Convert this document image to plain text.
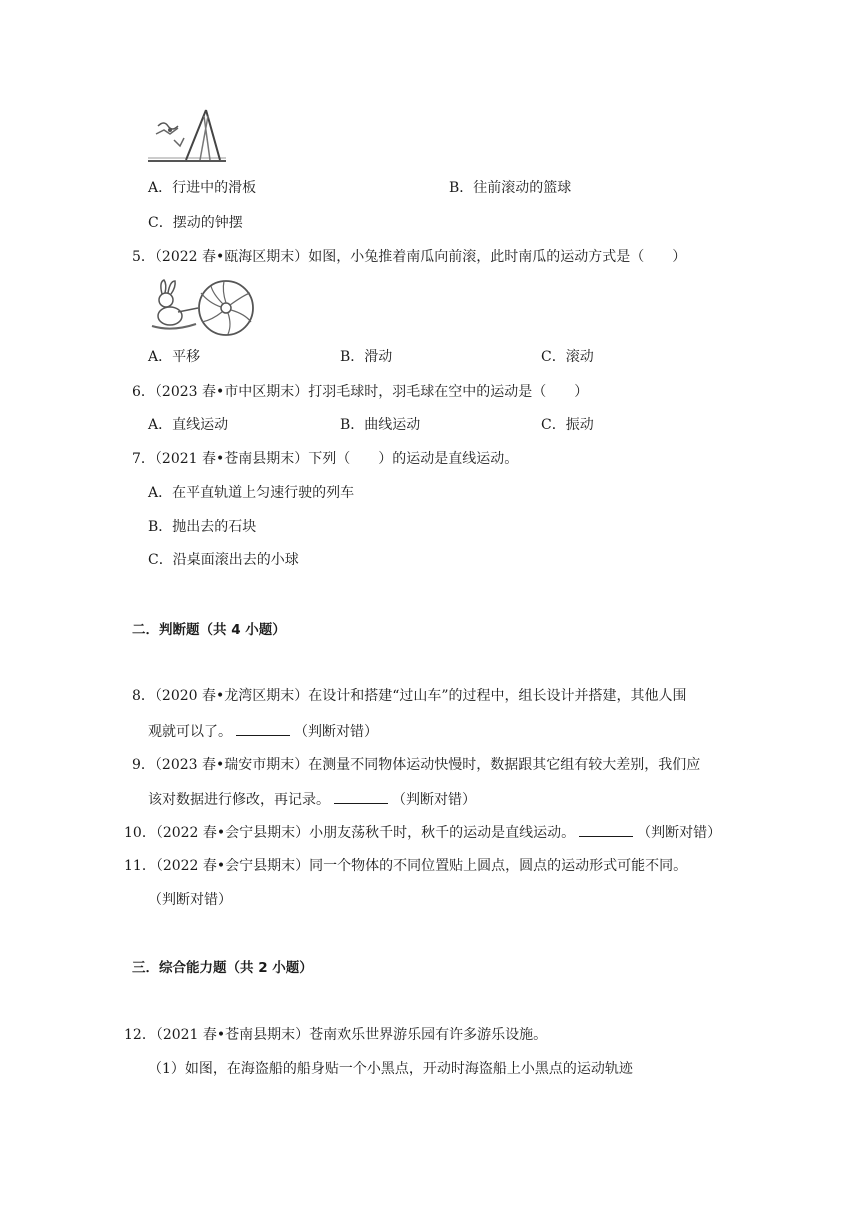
A．行进中的滑板	B．往前滚动的篮球
C．摆动的钟摆
5．（2022 春•瓯海区期末）如图，小兔推着南瓜向前滚，此时南瓜的运动方式是（　　）
A．平移	B．滑动	C．滚动
6．（2023 春•市中区期末）打羽毛球时，羽毛球在空中的运动是（　　）
A．直线运动	B．曲线运动	C．振动
7．（2021 春•苍南县期末）下列（　　）的运动是直线运动。
A．在平直轨道上匀速行驶的列车
B．抛出去的石块
C．沿桌面滚出去的小球
二．判断题（共 4 小题）
8．（2020 春•龙湾区期末）在设计和搭建“过山车”的过程中，组长设计并搭建，其他人围
观就可以了。	（判断对错）
9．（2023 春•瑞安市期末）在测量不同物体运动快慢时，数据跟其它组有较大差别，我们应
该对数据进行修改，再记录。	（判断对错）
10．（2022 春•会宁县期末）小朋友荡秋千时，秋千的运动是直线运动。	（判断对错）
11．（2022 春•会宁县期末）同一个物体的不同位置贴上圆点，圆点的运动形式可能不同。
（判断对错）
三．综合能力题（共 2 小题）
12．（2021 春•苍南县期末）苍南欢乐世界游乐园有许多游乐设施。
（1）如图，在海盗船的船身贴一个小黑点，开动时海盗船上小黑点的运动轨迹
